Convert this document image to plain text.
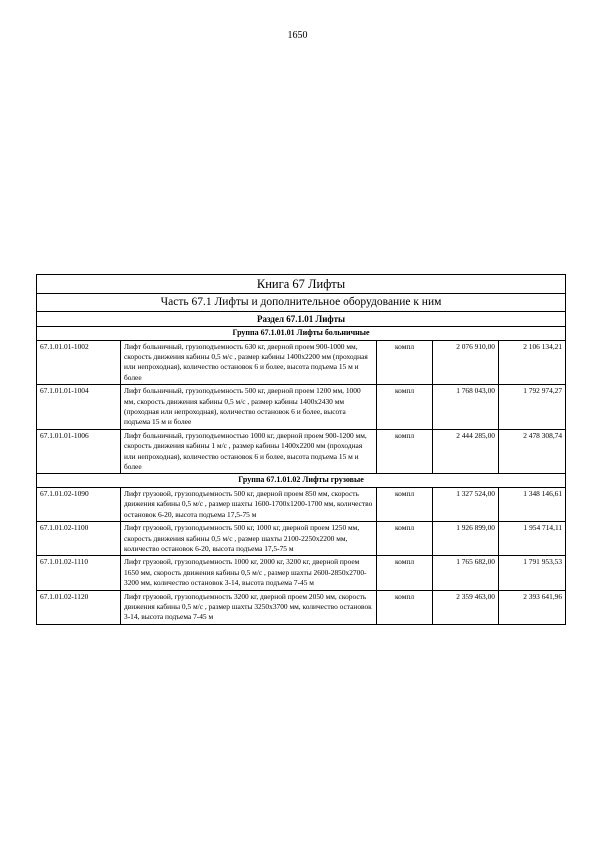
1650
Книга 67 Лифты				
Часть 67.1 Лифты и дополнительное оборудование к ним				
Раздел 67.1.01 Лифты				
Группа 67.1.01.01 Лифты больничные				
67.1.01.01-1002	Лифт больничный, грузоподъемность 630 кг, дверной проем 900-1000 мм, скорость движения кабины 0,5 м/с , размер кабины 1400x2200 мм (проходная или непроходная), количество остановок 6 и более, высота подъема 15 м и более	компл	2 076 910,00	2 106 134,21
67.1.01.01-1004	Лифт больничный, грузоподъемность 500 кг, дверной проем 1200 мм, 1000 мм, скорость движения кабины 0,5 м/с , размер кабины 1400x2430 мм (проходная или непроходная), количество остановок 6 и более, высота подъема 15 м и более	компл	1 768 043,00	1 792 974,27
67.1.01.01-1006	Лифт больничный, грузоподъемностью 1000 кг, дверной проем 900-1200 мм, скорость движения кабины 1 м/с , размер кабины 1400x2200 мм (проходная или непроходная), количество остановок 6 и более, высота подъема 15 м и более	компл	2 444 285,00	2 478 308,74
Группа 67.1.01.02 Лифты грузовые				
67.1.01.02-1090	Лифт грузовой, грузоподъемность 500 кг, дверной проем 850 мм, скорость движения кабины 0,5 м/с , размер шахты 1600-1700x1200-1700 мм, количество остановок 6-20, высота подъема 17,5-75 м	компл	1 327 524,00	1 348 146,61
67.1.01.02-1100	Лифт грузовой, грузоподъемность 500 кг, 1000 кг, дверной проем 1250 мм, скорость движения кабины 0,5 м/с , размер шахты 2100-2250x2200 мм, количество остановок 6-20, высота подъема 17,5-75 м	компл	1 926 899,00	1 954 714,11
67.1.01.02-1110	Лифт грузовой, грузоподъемность 1000 кг, 2000 кг, 3200 кг, дверной проем 1650 мм, скорость движения кабины 0,5 м/с , размер шахты 2600-2850x2700-3200 мм, количество остановок 3-14, высота подъема 7-45 м	компл	1 765 682,00	1 791 953,53
67.1.01.02-1120	Лифт грузовой, грузоподъемность 3200 кг, дверной проем 2050 мм, скорость движения кабины 0,5 м/с , размер шахты 3250x3700 мм, количество остановок 3-14, высота подъема 7-45 м	компл	2 359 463,00	2 393 641,96
